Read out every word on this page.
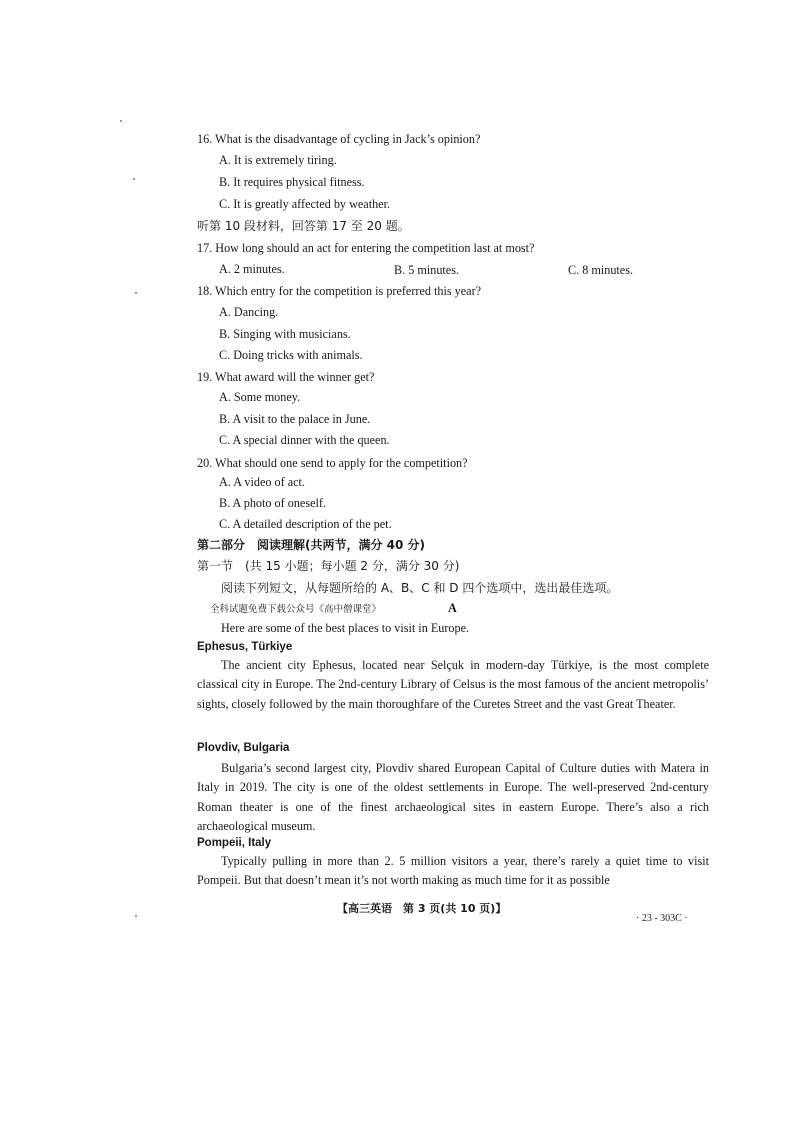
16. What is the disadvantage of cycling in Jack’s opinion?
A. It is extremely tiring.
B. It requires physical fitness.
C. It is greatly affected by weather.
听第 10 段材料，回答第 17 至 20 题。
17. How long should an act for entering the competition last at most?
A. 2 minutes.	B. 5 minutes.	C. 8 minutes.
18. Which entry for the competition is preferred this year?
A. Dancing.
B. Singing with musicians.
C. Doing tricks with animals.
19. What award will the winner get?
A. Some money.
B. A visit to the palace in June.
C. A special dinner with the queen.
20. What should one send to apply for the competition?
A. A video of act.
B. A photo of oneself.
C. A detailed description of the pet.
第二部分　阅读理解(共两节，满分 40 分)
第一节　(共 15 小题；每小题 2 分，满分 30 分)
阅读下列短文，从每题所给的 A、B、C 和 D 四个选项中，选出最佳选项。
全科试题免费下载公众号《高中僧课堂》	A
Here are some of the best places to visit in Europe.
Ephesus, Türkiye
The ancient city Ephesus, located near Selçuk in modern-day Türkiye, is the most complete classical city in Europe. The 2nd-century Library of Celsus is the most famous of the ancient metropolis’ sights, closely followed by the main thoroughfare of the Curetes Street and the vast Great Theater.
Plovdiv, Bulgaria
Bulgaria’s second largest city, Plovdiv shared European Capital of Culture duties with Matera in Italy in 2019. The city is one of the oldest settlements in Europe. The well-preserved 2nd-century Roman theater is one of the finest archaeological sites in eastern Europe. There’s also a rich archaeological museum.
Pompeii, Italy
Typically pulling in more than 2. 5 million visitors a year, there’s rarely a quiet time to visit Pompeii. But that doesn’t mean it’s not worth making as much time for it as possible
【高三英语　第 3 页(共 10 页)】
· 23 - 303C ·
